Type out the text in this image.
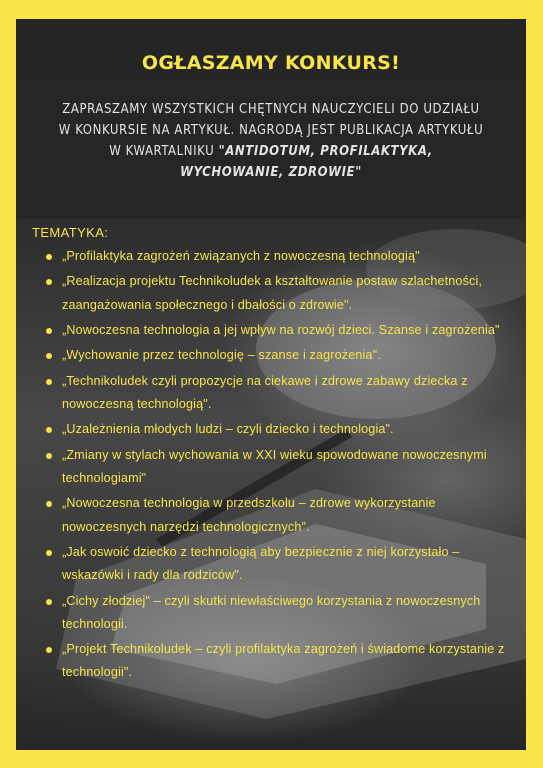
OGŁASZAMY KONKURS!
ZAPRASZAMY WSZYSTKICH CHĘTNYCH NAUCZYCIELI DO UDZIAŁU W KONKURSIE NA ARTYKUŁ. NAGRODĄ JEST PUBLIKACJA ARTYKUŁU W KWARTALNIKU "ANTIDOTUM, PROFILAKTYKA, WYCHOWANIE, ZDROWIE"
TEMATYKA:
„Profilaktyka zagrożeń związanych z nowoczesną technologią"
„Realizacja projektu Technikoludek a kształtowanie postaw szlachetności, zaangażowania społecznego i dbałości o zdrowie".
„Nowoczesna technologia a jej wpływ na rozwój dzieci. Szanse i zagrożenia"
„Wychowanie przez technologię – szanse i zagrożenia".
„Technikoludek czyli propozycje na ciekawe i zdrowe zabawy dziecka z nowoczesną technologią".
„Uzależnienia młodych ludzi – czyli dziecko i technologia".
„Zmiany w stylach wychowania w XXI wieku spowodowane nowoczesnymi technologiami"
„Nowoczesna technologia w przedszkolu – zdrowe wykorzystanie nowoczesnych narzędzi technologicznych".
„Jak oswoić dziecko z technologią aby bezpiecznie z niej korzystało – wskazówki i rady dla rodziców".
„Cichy złodziej" – czyli skutki niewłaściwego korzystania z nowoczesnych technologii.
„Projekt Technikoludek – czyli profilaktyka zagrożeń i świadome korzystanie z technologii".
